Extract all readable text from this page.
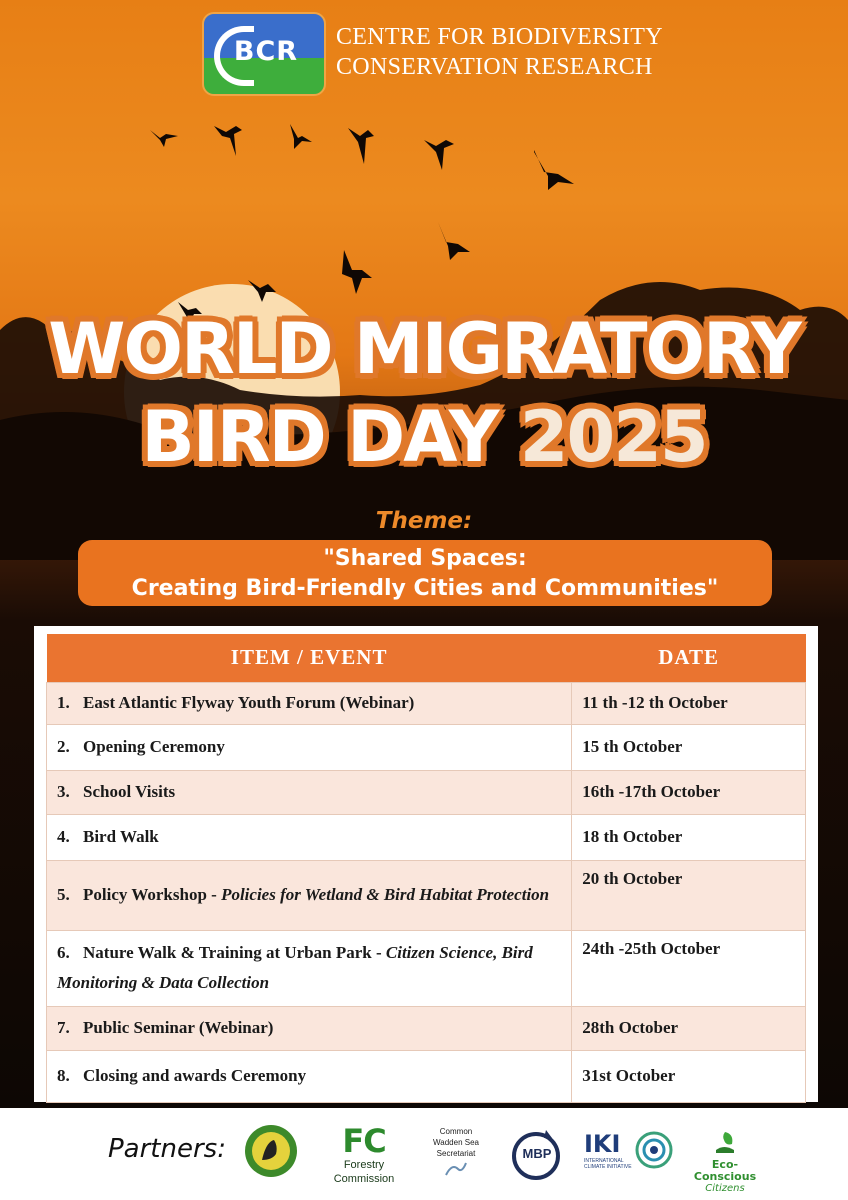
BCR	CENTRE FOR BIODIVERSITY
CONSERVATION RESEARCH
WORLD MIGRATORY
BIRD DAY 2025
Theme:
"Shared Spaces:
Creating Bird-Friendly Cities and Communities"
ITEM / EVENT	DATE
1. East Atlantic Flyway Youth Forum (Webinar)	11 th -12 th October
2. Opening Ceremony	15 th October
3. School Visits	16th -17th October
4. Bird Walk	18 th October
5. Policy Workshop - Policies for Wetland & Bird Habitat Protection	20 th October
6. Nature Walk & Training at Urban Park - Citizen Science, Bird Monitoring & Data Collection	24th -25th October
7. Public Seminar (Webinar)	28th October
8. Closing and awards Ceremony	31st October
Partners:	FC
Forestry Commission
Common
Wadden Sea
Secretariat	MBP	IKI
INTERNATIONAL CLIMATE INITIATIVE	Eco-Conscious
Citizens
